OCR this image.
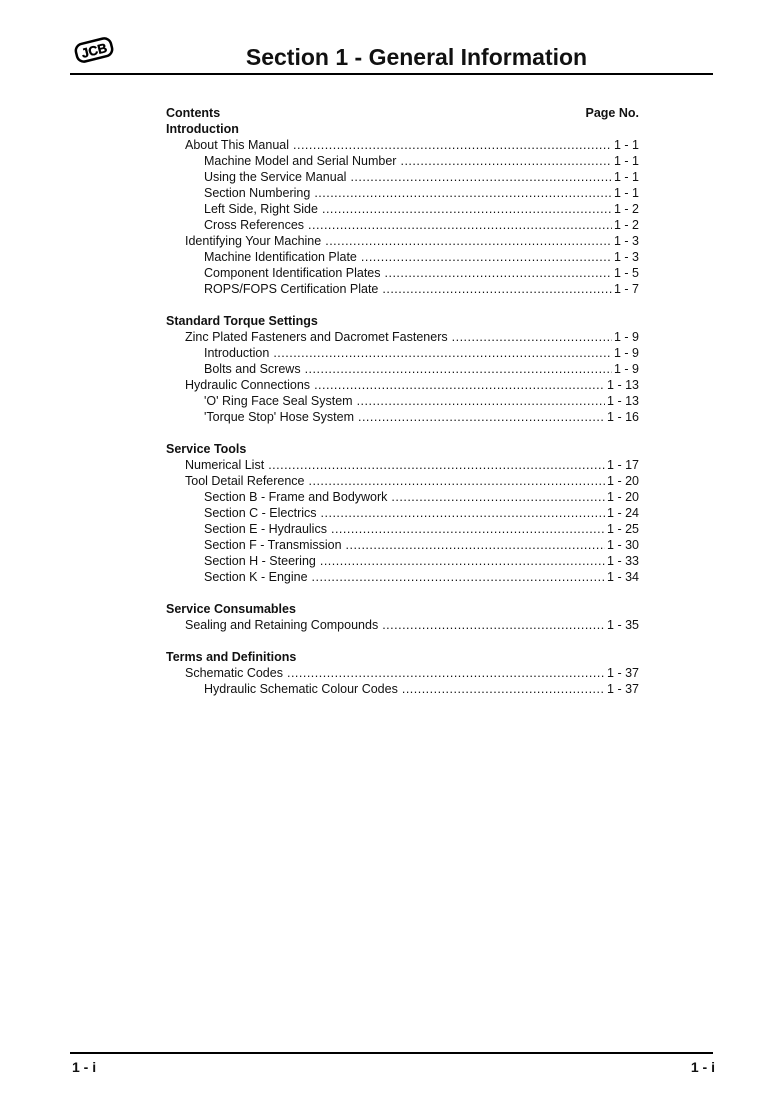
JCB	Section 1 - General Information
Contents	Page No.
Introduction
About This Manual .....	1 - 1
Machine Model and Serial Number .....	1 - 1
Using the Service Manual .....	1 - 1
Section Numbering .....	1 - 1
Left Side, Right Side .....	1 - 2
Cross References .....	1 - 2
Identifying Your Machine .....	1 - 3
Machine Identification Plate .....	1 - 3
Component Identification Plates .....	1 - 5
ROPS/FOPS Certification Plate .....	1 - 7
Standard Torque Settings
Zinc Plated Fasteners and Dacromet Fasteners .....	1 - 9
Introduction .....	1 - 9
Bolts and Screws .....	1 - 9
Hydraulic Connections .....	1 - 13
'O' Ring Face Seal System .....	1 - 13
'Torque Stop' Hose System .....	1 - 16
Service Tools
Numerical List .....	1 - 17
Tool Detail Reference .....	1 - 20
Section B - Frame and Bodywork .....	1 - 20
Section C - Electrics .....	1 - 24
Section E - Hydraulics .....	1 - 25
Section F - Transmission .....	1 - 30
Section H - Steering .....	1 - 33
Section K - Engine .....	1 - 34
Service Consumables
Sealing and Retaining Compounds .....	1 - 35
Terms and Definitions
Schematic Codes .....	1 - 37
Hydraulic Schematic Colour Codes .....	1 - 37
1 - i	1 - i
